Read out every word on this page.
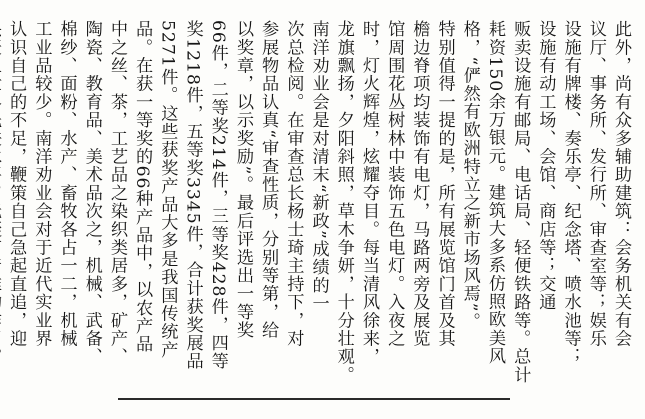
此外，尚有众多辅助建筑：会务机关有会
议厅、事务所、发行所、审查室等；娱乐
设施有牌楼、奏乐亭、纪念塔、喷水池等；
设施有动工场、会馆、商店等；交通
贩卖设施有邮局、电话局、轻便铁路等。总计
耗资150余万银元。建筑大多系仿照欧美风
格，“俨然有欧洲特立之新市场风焉”。
特别值得一提的是，所有展览馆门首及其
檐边脊项均装饰有电灯，马路两旁及展览
馆周围花丛树林中装饰五色电灯。入夜之
时，灯火辉煌，炫耀夺目。每当清风徐来，
龙旗飘扬，夕阳斜照，草木争妍，十分壮观。
南洋劝业会是对清末“新政”成绩的一
次总检阅。在审查总长杨士琦主持下，对
参展物品认真“审查性质，分别等第，给
以奖章，以示奖励”。最后评选出一等奖
66件，二等奖214件，三等奖428件，四等
奖1218件，五等奖3345件，合计获奖展品
5271件。这些获奖产品大多是我国传统产
品。在获一等奖的66种产品中，以农产品
中之丝、茶，工艺品之染织类居多，矿产、
陶瓷、教育品、美术品次之，机械、武备、
棉纱、面粉、水产、畜牧各占一二，机械
工业品较少。南洋劝业会对于近代实业界
认识自己的不足，鞭策自己急起直追，迎
